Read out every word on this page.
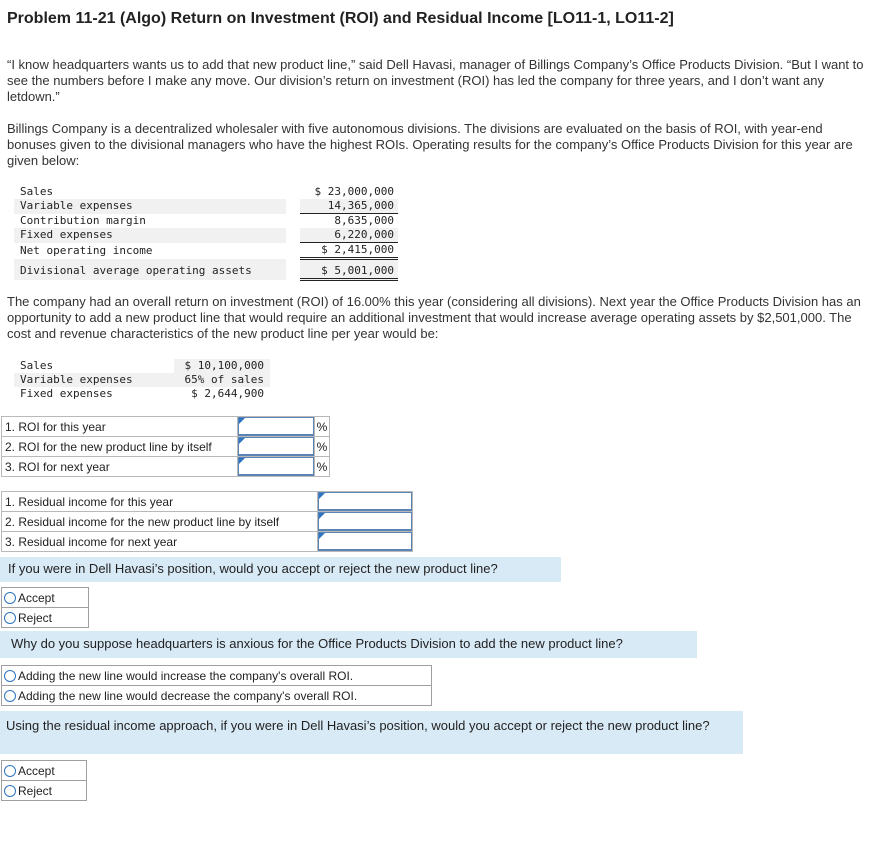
Problem 11-21 (Algo) Return on Investment (ROI) and Residual Income [LO11-1, LO11-2]
“I know headquarters wants us to add that new product line,” said Dell Havasi, manager of Billings Company’s Office Products Division. “But I want to see the numbers before I make any move. Our division’s return on investment (ROI) has led the company for three years, and I don’t want any letdown.”
Billings Company is a decentralized wholesaler with five autonomous divisions. The divisions are evaluated on the basis of ROI, with year-end bonuses given to the divisional managers who have the highest ROIs. Operating results for the company’s Office Products Division for this year are given below:
Sales		$ 23,000,000
Variable expenses		14,365,000
Contribution margin		8,635,000
Fixed expenses		6,220,000
Net operating income		$ 2,415,000
Divisional average operating assets		$ 5,001,000
The company had an overall return on investment (ROI) of 16.00% this year (considering all divisions). Next year the Office Products Division has an opportunity to add a new product line that would require an additional investment that would increase average operating assets by $2,501,000. The cost and revenue characteristics of the new product line per year would be:
Sales	$ 10,100,000
Variable expenses	65% of sales
Fixed expenses	$ 2,644,900
1. ROI for this year		%
2. ROI for the new product line by itself		%
3. ROI for next year		%
1. Residual income for this year	

2. Residual income for the new product line by itself	

3. Residual income for next year	
If you were in Dell Havasi’s position, would you accept or reject the new product line?
Accept

Reject
Why do you suppose headquarters is anxious for the Office Products Division to add the new product line?
Adding the new line would increase the company's overall ROI.

Adding the new line would decrease the company's overall ROI.
Using the residual income approach, if you were in Dell Havasi’s position, would you accept or reject the new product line?
Accept

Reject
